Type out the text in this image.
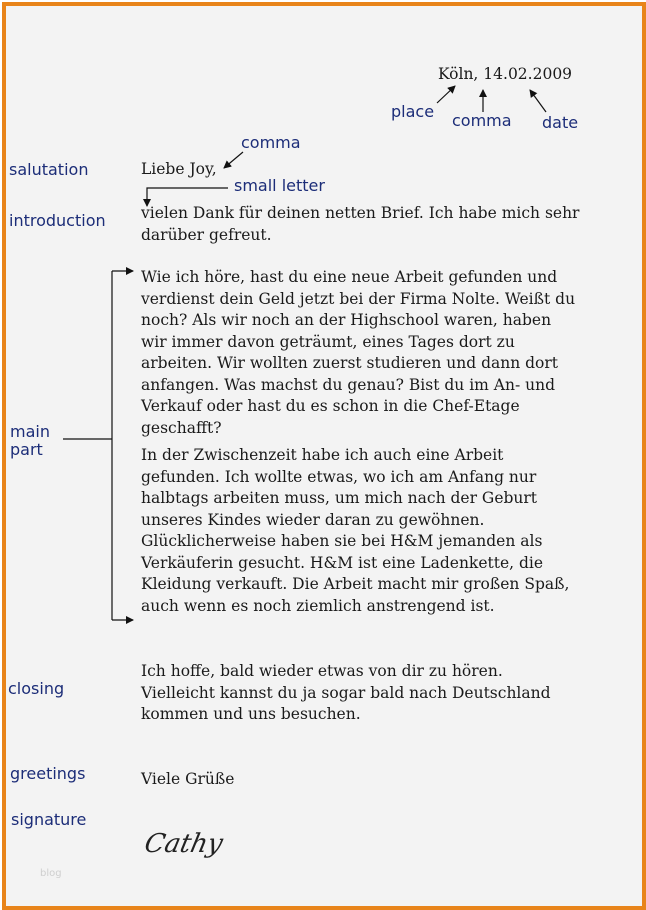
Köln, 14.02.2009

place comma date

comma

small letter

salutation	Liebe Joy,

introduction vielen Dank für deinen netten Brief. Ich habe mich sehr darüber gefreut.

main
part

Wie ich höre, hast du eine neue Arbeit gefunden und verdienst dein Geld jetzt bei der Firma Nolte. Weißt du noch? Als wir noch an der Highschool waren, haben wir immer davon geträumt, eines Tages dort zu arbeiten. Wir wollten zuerst studieren und dann dort anfangen. Was machst du genau? Bist du im An- und Verkauf oder hast du es schon in die Chef-Etage geschafft?

In der Zwischenzeit habe ich auch eine Arbeit gefunden. Ich wollte etwas, wo ich am Anfang nur halbtags arbeiten muss, um mich nach der Geburt unseres Kindes wieder daran zu gewöhnen. Glücklicherweise haben sie bei H&M jemanden als Verkäuferin gesucht. H&M ist eine Ladenkette, die Kleidung verkauft. Die Arbeit macht mir großen Spaß, auch wenn es noch ziemlich anstrengend ist.

closing

Ich hoffe, bald wieder etwas von dir zu hören. Vielleicht kannst du ja sogar bald nach Deutschland kommen und uns besuchen.

greetings	Viele Grüße

signature

Cathy

blog
